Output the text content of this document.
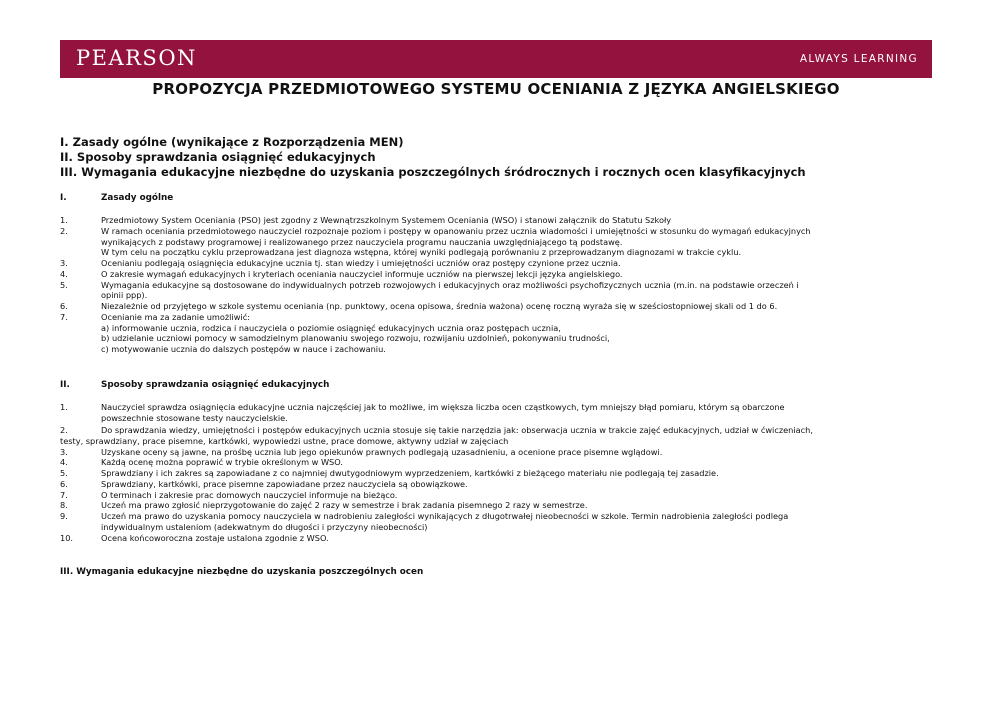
PEARSON	ALWAYS LEARNING
PROPOZYCJA PRZEDMIOTOWEGO SYSTEMU OCENIANIA Z JĘZYKA ANGIELSKIEGO
I. Zasady ogólne (wynikające z Rozporządzenia MEN)
II. Sposoby sprawdzania osiągnięć edukacyjnych
III. Wymagania edukacyjne niezbędne do uzyskania poszczególnych śródrocznych i rocznych ocen klasyfikacyjnych
I.	Zasady ogólne
1.	Przedmiotowy System Oceniania (PSO) jest zgodny z Wewnątrzszkolnym Systemem Oceniania (WSO) i stanowi załącznik do Statutu Szkoły
2.	W ramach oceniania przedmiotowego nauczyciel rozpoznaje poziom i postępy w opanowaniu przez ucznia wiadomości i umiejętności w stosunku do wymagań edukacyjnych
wynikających z podstawy programowej i realizowanego przez nauczyciela programu nauczania uwzględniającego tą podstawę.
W tym celu na początku cyklu przeprowadzana jest diagnoza wstępna, której wyniki podlegają porównaniu z przeprowadzanym diagnozami w trakcie cyklu.
3.	Ocenianiu podlegają osiągnięcia edukacyjne ucznia tj. stan wiedzy i umiejętności uczniów oraz postępy czynione przez ucznia.
4.	O zakresie wymagań edukacyjnych i kryteriach oceniania nauczyciel informuje uczniów na pierwszej lekcji języka angielskiego.
5.	Wymagania edukacyjne są dostosowane do indywidualnych potrzeb rozwojowych i edukacyjnych oraz możliwości psychofizycznych ucznia (m.in. na podstawie orzeczeń i
opinii ppp).
6.	Niezależnie od przyjętego w szkole systemu oceniania (np. punktowy, ocena opisowa, średnia ważona) ocenę roczną wyraża się w sześciostopniowej skali od 1 do 6.
7.	Ocenianie ma za zadanie umożliwić:
a) informowanie ucznia, rodzica i nauczyciela o poziomie osiągnięć edukacyjnych ucznia oraz postępach ucznia,
b) udzielanie uczniowi pomocy w samodzielnym planowaniu swojego rozwoju, rozwijaniu uzdolnień, pokonywaniu trudności,
c) motywowanie ucznia do dalszych postępów w nauce i zachowaniu.
II.	Sposoby sprawdzania osiągnięć edukacyjnych
1.	Nauczyciel sprawdza osiągnięcia edukacyjne ucznia najczęściej jak to możliwe, im większa liczba ocen cząstkowych, tym mniejszy błąd pomiaru, którym są obarczone
powszechnie stosowane testy nauczycielskie.
2.	Do sprawdzania wiedzy, umiejętności i postępów edukacyjnych ucznia stosuje się takie narzędzia jak: obserwacja ucznia w trakcie zajęć edukacyjnych, udział w ćwiczeniach,
testy, sprawdziany, prace pisemne, kartkówki, wypowiedzi ustne, prace domowe, aktywny udział w zajęciach
3.	Uzyskane oceny są jawne, na prośbę ucznia lub jego opiekunów prawnych podlegają uzasadnieniu, a ocenione prace pisemne wglądowi.
4.	Każdą ocenę można poprawić w trybie określonym w WSO.
5.	Sprawdziany i ich zakres są zapowiadane z co najmniej dwutygodniowym wyprzedzeniem, kartkówki z bieżącego materiału nie podlegają tej zasadzie.
6.	Sprawdziany, kartkówki, prace pisemne zapowiadane przez nauczyciela są obowiązkowe.
7.	O terminach i zakresie prac domowych nauczyciel informuje na bieżąco.
8.	Uczeń ma prawo zgłosić nieprzygotowanie do zajęć 2 razy w semestrze i brak zadania pisemnego 2 razy w semestrze.
9.	Uczeń ma prawo do uzyskania pomocy nauczyciela w nadrobieniu zaległości wynikających z długotrwałej nieobecności w szkole. Termin nadrobienia zaległości podlega
indywidualnym ustaleniom (adekwatnym do długości i przyczyny nieobecności)
10.	Ocena końcoworoczna zostaje ustalona zgodnie z WSO.
III. Wymagania edukacyjne niezbędne do uzyskania poszczególnych ocen
